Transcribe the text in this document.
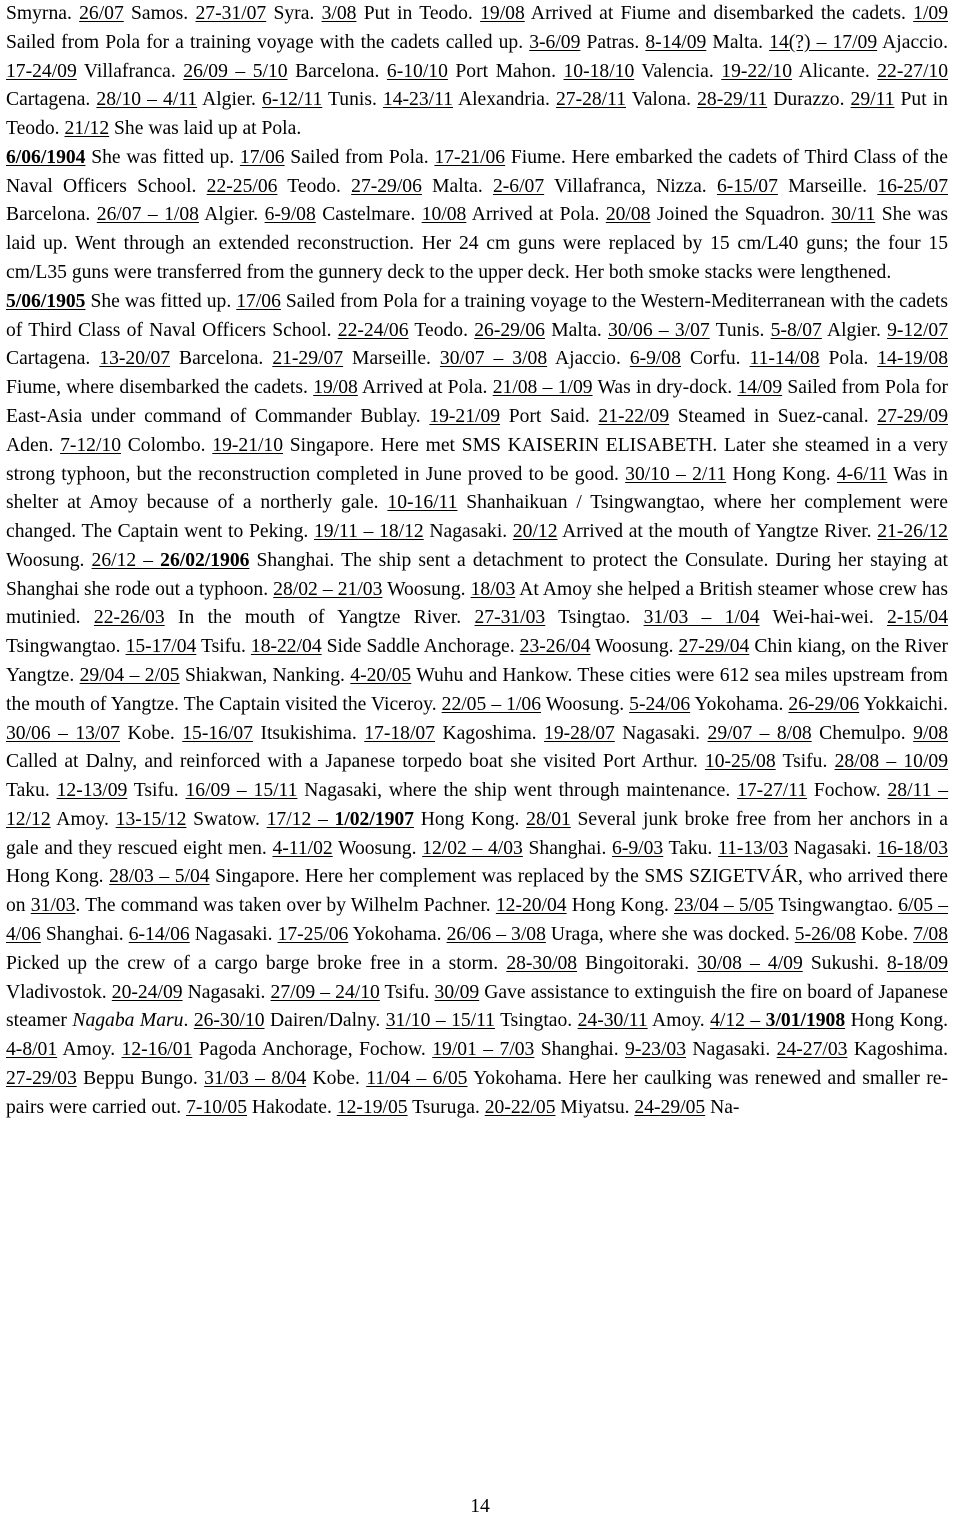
Smyrna. 26/07 Samos. 27-31/07 Syra. 3/08 Put in Teodo. 19/08 Arrived at Fiume and disembarked the cadets. 1/09 Sailed from Pola for a training voyage with the cadets called up. 3-6/09 Patras. 8-14/09 Malta. 14(?) – 17/09 Ajaccio. 17-24/09 Villafranca. 26/09 – 5/10 Barcelona. 6-10/10 Port Mahon. 10-18/10 Valencia. 19-22/10 Alicante. 22-27/10 Cartagena. 28/10 – 4/11 Algier. 6-12/11 Tunis. 14-23/11 Alexandria. 27-28/11 Valona. 28-29/11 Durazzo. 29/11 Put in Teodo. 21/12 She was laid up at Pola.

6/06/1904 She was fitted up. 17/06 Sailed from Pola. 17-21/06 Fiume. Here embarked the cadets of Third Class of the Naval Officers School. 22-25/06 Teodo. 27-29/06 Malta. 2-6/07 Villafranca, Nizza. 6-15/07 Marseille. 16-25/07 Barcelona. 26/07 – 1/08 Algier. 6-9/08 Castelmare. 10/08 Arrived at Pola. 20/08 Joined the Squadron. 30/11 She was laid up. Went through an extended reconstruction. Her 24 cm guns were replaced by 15 cm/L40 guns; the four 15 cm/L35 guns were transferred from the gunnery deck to the upper deck. Her both smoke stacks were lengthened.

5/06/1905 She was fitted up. 17/06 Sailed from Pola for a training voyage to the Western-Mediterranean with the cadets of Third Class of Naval Officers School. 22-24/06 Teodo. 26-29/06 Malta. 30/06 – 3/07 Tunis. 5-8/07 Algier. 9-12/07 Cartagena. 13-20/07 Barcelona. 21-29/07 Marseille. 30/07 – 3/08 Ajaccio. 6-9/08 Corfu. 11-14/08 Pola. 14-19/08 Fiume, where disembarked the cadets. 19/08 Arrived at Pola. 21/08 – 1/09 Was in dry-dock. 14/09 Sailed from Pola for East-Asia under command of Commander Bublay. 19-21/09 Port Said. 21-22/09 Steamed in Suez-canal. 27-29/09 Aden. 7-12/10 Colombo. 19-21/10 Singapore. Here met SMS KAISERIN ELISABETH. Later she steamed in a very strong typhoon, but the reconstruction completed in June proved to be good. 30/10 – 2/11 Hong Kong. 4-6/11 Was in shelter at Amoy because of a northerly gale. 10-16/11 Shanhaikuan / Tsingwangtao, where her complement were changed. The Captain went to Peking. 19/11 – 18/12 Nagasaki. 20/12 Arrived at the mouth of Yangtze River. 21-26/12 Woosung. 26/12 – 26/02/1906 Shanghai. The ship sent a detachment to protect the Consulate. During her staying at Shanghai she rode out a typhoon. 28/02 – 21/03 Woosung. 18/03 At Amoy she helped a British steamer whose crew has mutinied. 22-26/03 In the mouth of Yangtze River. 27-31/03 Tsingtao. 31/03 – 1/04 Wei-hai-wei. 2-15/04 Tsingwangtao. 15-17/04 Tsifu. 18-22/04 Side Saddle Anchorage. 23-26/04 Woosung. 27-29/04 Chin kiang, on the River Yangtze. 29/04 – 2/05 Shiakwan, Nanking. 4-20/05 Wuhu and Hankow. These cities were 612 sea miles upstream from the mouth of Yangtze. The Captain visited the Viceroy. 22/05 – 1/06 Woosung. 5-24/06 Yokohama. 26-29/06 Yokkaichi. 30/06 – 13/07 Kobe. 15-16/07 Itsukishima. 17-18/07 Kagoshima. 19-28/07 Nagasaki. 29/07 – 8/08 Chemulpo. 9/08 Called at Dalny, and reinforced with a Japanese torpedo boat she visited Port Arthur. 10-25/08 Tsifu. 28/08 – 10/09 Taku. 12-13/09 Tsifu. 16/09 – 15/11 Nagasaki, where the ship went through maintenance. 17-27/11 Fochow. 28/11 – 12/12 Amoy. 13-15/12 Swatow. 17/12 – 1/02/1907 Hong Kong. 28/01 Several junk broke free from her anchors in a gale and they rescued eight men. 4-11/02 Woosung. 12/02 – 4/03 Shanghai. 6-9/03 Taku. 11-13/03 Nagasaki. 16-18/03 Hong Kong. 28/03 – 5/04 Singapore. Here her complement was replaced by the SMS SZIGETVÁR, who arrived there on 31/03. The command was taken over by Wilhelm Pachner. 12-20/04 Hong Kong. 23/04 – 5/05 Tsingwangtao. 6/05 – 4/06 Shanghai. 6-14/06 Nagasaki. 17-25/06 Yokohama. 26/06 – 3/08 Uraga, where she was docked. 5-26/08 Kobe. 7/08 Picked up the crew of a cargo barge broke free in a storm. 28-30/08 Bingoitoraki. 30/08 – 4/09 Sukushi. 8-18/09 Vladivostok. 20-24/09 Nagasaki. 27/09 – 24/10 Tsifu. 30/09 Gave assistance to extinguish the fire on board of Japanese steamer Nagaba Maru. 26-30/10 Dairen/Dalny. 31/10 – 15/11 Tsingtao. 24-30/11 Amoy. 4/12 – 3/01/1908 Hong Kong. 4-8/01 Amoy. 12-16/01 Pagoda Anchorage, Fochow. 19/01 – 7/03 Shanghai. 9-23/03 Nagasaki. 24-27/03 Kagoshima. 27-29/03 Beppu Bungo. 31/03 – 8/04 Kobe. 11/04 – 6/05 Yokohama. Here her caulking was renewed and smaller repairs were carried out. 7-10/05 Hakodate. 12-19/05 Tsuruga. 20-22/05 Miyatsu. 24-29/05 Na-

14
